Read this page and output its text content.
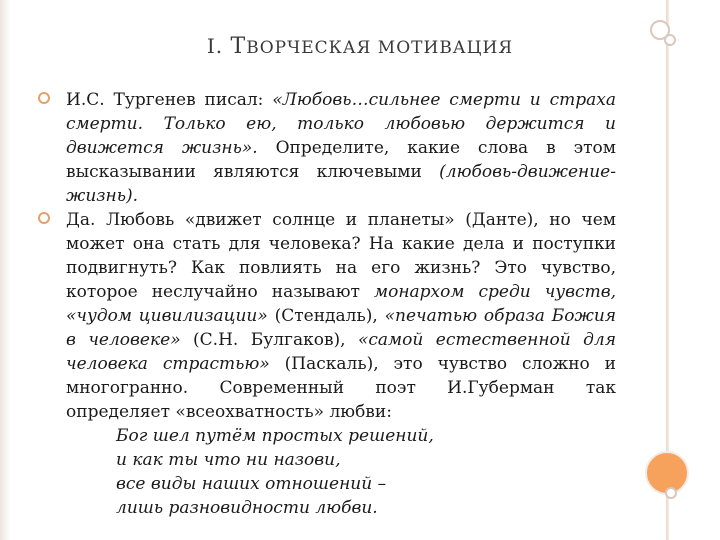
I. ТВОРЧЕСКАЯ МОТИВАЦИЯ

И.С. Тургенев писал: «Любовь…сильнее смерти и страха смерти. Только ею, только любовью держится и движется жизнь». Определите, какие слова в этом высказывании являются ключевыми (любовь-движение-жизнь).

Да. Любовь «движет солнце и планеты» (Данте), но чем может она стать для человека? На какие дела и поступки подвигнуть? Как повлиять на его жизнь? Это чувство, которое неслучайно называют монархом среди чувств, «чудом цивилизации» (Стендаль), «печатью образа Божия в человеке» (С.Н. Булгаков), «самой естественной для человека страстью» (Паскаль), это чувство сложно и многогранно. Современный поэт И.Губерман так определяет «всеохватность» любви:

Бог шел путём простых решений,
и как ты что ни назови,
все виды наших отношений –
лишь разновидности любви.
